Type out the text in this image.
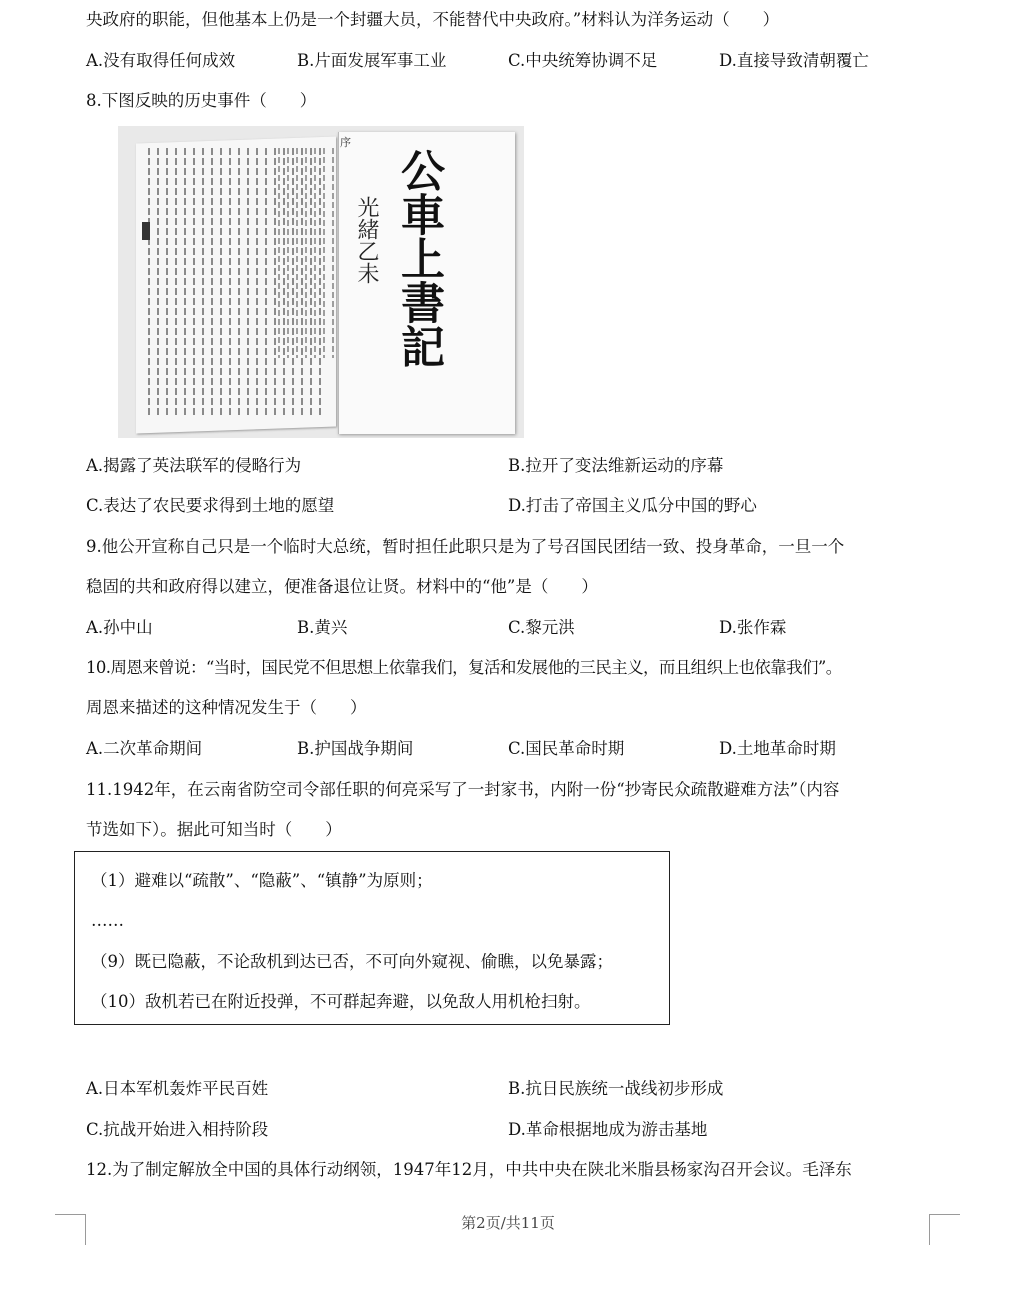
央政府的职能，但他基本上仍是一个封疆大员，不能替代中央政府。”材料认为洋务运动（　　）
A.没有取得任何成效	B.片面发展军事工业	C.中央统筹协调不足	D.直接导致清朝覆亡
8.下图反映的历史事件（　　）
光緒乙未 公車上書記
序
A.揭露了英法联军的侵略行为	B.拉开了变法维新运动的序幕
C.表达了农民要求得到土地的愿望	D.打击了帝国主义瓜分中国的野心
9.他公开宣称自己只是一个临时大总统，暂时担任此职只是为了号召国民团结一致、投身革命，一旦一个
稳固的共和政府得以建立，便准备退位让贤。材料中的“他”是（　　）
A.孙中山	B.黄兴	C.黎元洪	D.张作霖
10.周恩来曾说：“当时，国民党不但思想上依靠我们，复活和发展他的三民主义，而且组织上也依靠我们”。
周恩来描述的这种情况发生于（　　）
A.二次革命期间	B.护国战争期间	C.国民革命时期	D.土地革命时期
11.1942年，在云南省防空司令部任职的何亮采写了一封家书，内附一份“抄寄民众疏散避难方法”（内容
节选如下）。据此可知当时（　　）
（1）避难以“疏散”、“隐蔽”、“镇静”为原则；
……
（9）既已隐蔽，不论敌机到达已否，不可向外窥视、偷瞧，以免暴露；
（10）敌机若已在附近投弹，不可群起奔避，以免敌人用机枪扫射。
A.日本军机轰炸平民百姓	B.抗日民族统一战线初步形成
C.抗战开始进入相持阶段	D.革命根据地成为游击基地
12.为了制定解放全中国的具体行动纲领，1947年12月，中共中央在陕北米脂县杨家沟召开会议。毛泽东
第2页/共11页
